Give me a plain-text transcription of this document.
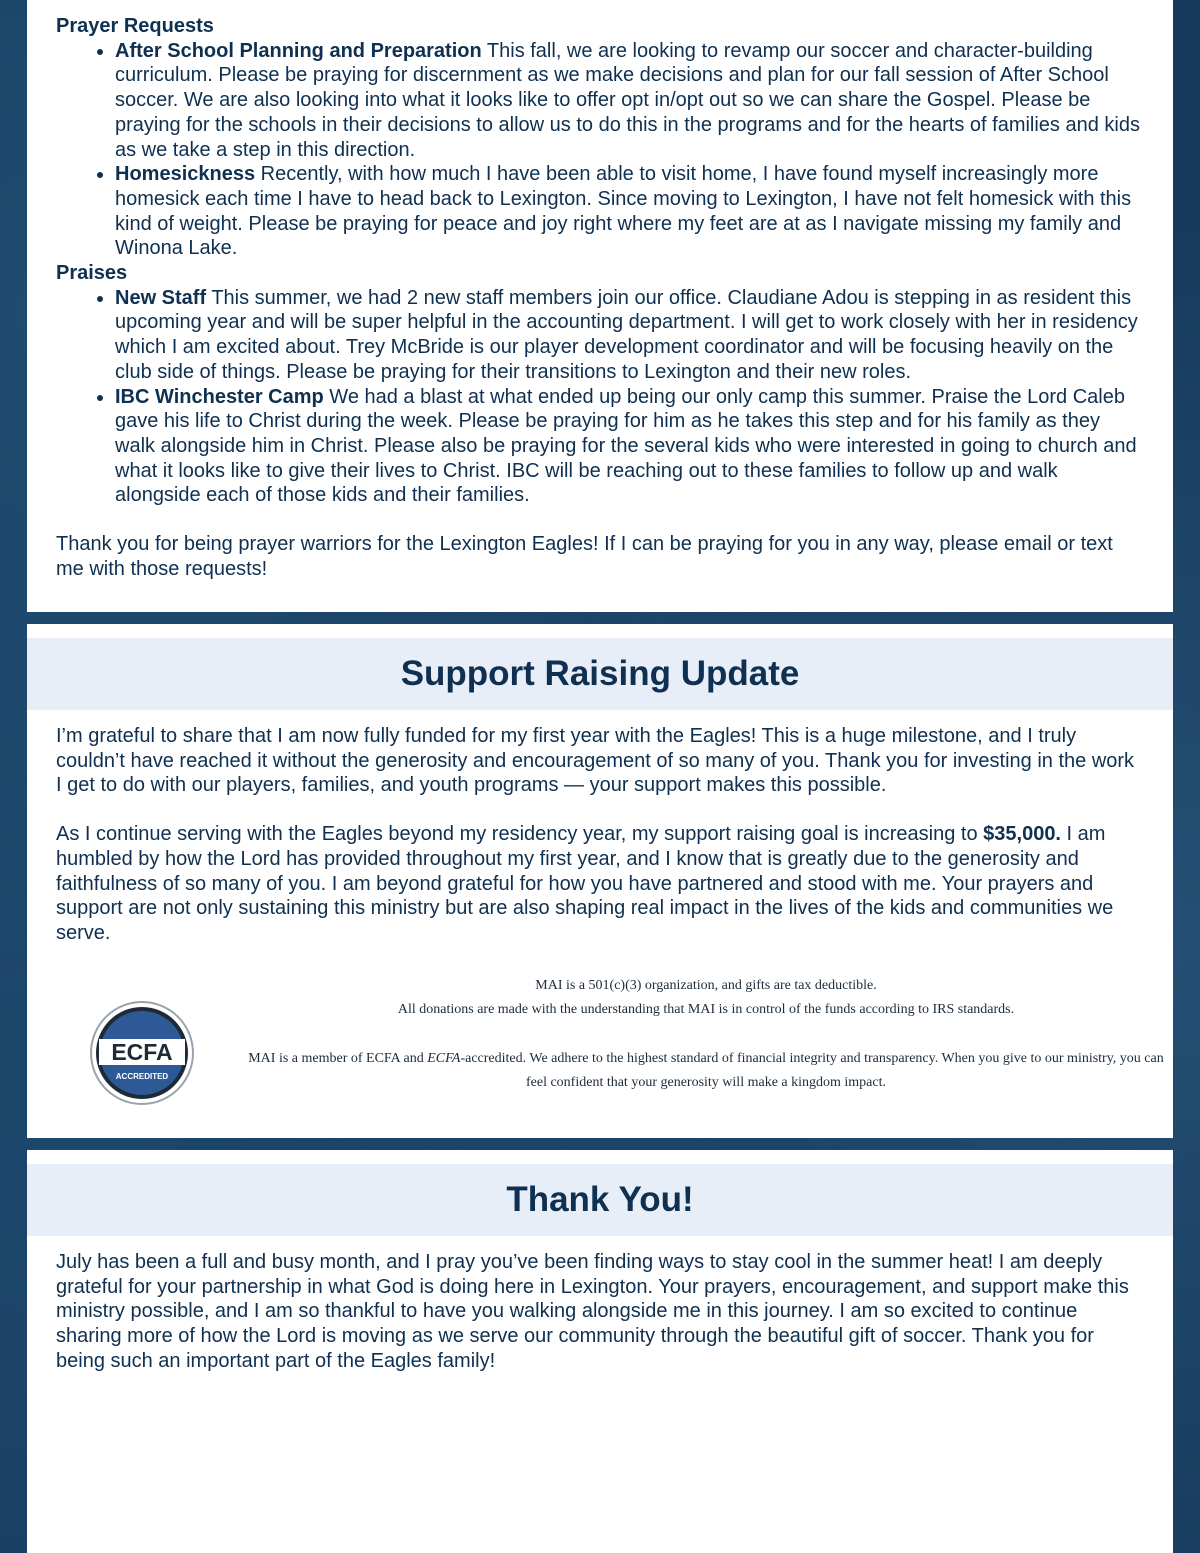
Prayer Requests
• After School Planning and Preparation This fall, we are looking to revamp our soccer and character-building curriculum. Please be praying for discernment as we make decisions and plan for our fall session of After School soccer. We are also looking into what it looks like to offer opt in/opt out so we can share the Gospel. Please be praying for the schools in their decisions to allow us to do this in the programs and for the hearts of families and kids as we take a step in this direction.
• Homesickness Recently, with how much I have been able to visit home, I have found myself increasingly more homesick each time I have to head back to Lexington. Since moving to Lexington, I have not felt homesick with this kind of weight. Please be praying for peace and joy right where my feet are at as I navigate missing my family and Winona Lake.
Praises
• New Staff This summer, we had 2 new staff members join our office. Claudiane Adou is stepping in as resident this upcoming year and will be super helpful in the accounting department. I will get to work closely with her in residency which I am excited about. Trey McBride is our player development coordinator and will be focusing heavily on the club side of things. Please be praying for their transitions to Lexington and their new roles.
• IBC Winchester Camp We had a blast at what ended up being our only camp this summer. Praise the Lord Caleb gave his life to Christ during the week. Please be praying for him as he takes this step and for his family as they walk alongside him in Christ. Please also be praying for the several kids who were interested in going to church and what it looks like to give their lives to Christ. IBC will be reaching out to these families to follow up and walk alongside each of those kids and their families.

Thank you for being prayer warriors for the Lexington Eagles! If I can be praying for you in any way, please email or text me with those requests!

Support Raising Update

I’m grateful to share that I am now fully funded for my first year with the Eagles! This is a huge milestone, and I truly couldn’t have reached it without the generosity and encouragement of so many of you. Thank you for investing in the work I get to do with our players, families, and youth programs — your support makes this possible.

As I continue serving with the Eagles beyond my residency year, my support raising goal is increasing to $35,000. I am humbled by how the Lord has provided throughout my first year, and I know that is greatly due to the generosity and faithfulness of so many of you. I am beyond grateful for how you have partnered and stood with me. Your prayers and support are not only sustaining this ministry but are also shaping real impact in the lives of the kids and communities we serve.

ECFA
ACCREDITED
MAI is a 501(c)(3) organization, and gifts are tax deductible.
All donations are made with the understanding that MAI is in control of the funds according to IRS standards.
MAI is a member of ECFA and ECFA-accredited. We adhere to the highest standard of financial integrity and transparency. When you give to our ministry, you can feel confident that your generosity will make a kingdom impact.
Thank You!

July has been a full and busy month, and I pray you’ve been finding ways to stay cool in the summer heat! I am deeply grateful for your partnership in what God is doing here in Lexington. Your prayers, encouragement, and support make this ministry possible, and I am so thankful to have you walking alongside me in this journey. I am so excited to continue sharing more of how the Lord is moving as we serve our community through the beautiful gift of soccer. Thank you for being such an important part of the Eagles family!
